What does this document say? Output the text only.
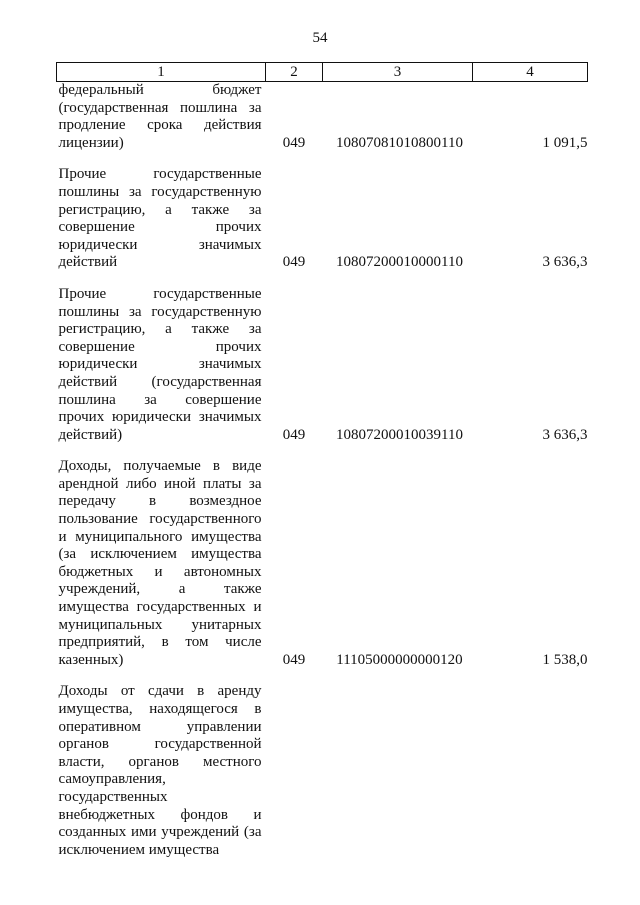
54
1	2	3	4
федеральный бюджет (государственная пошлина за продление срока действия лицензии)	049	10807081010800110	1 091,5
Прочие государственные пошлины за государственную регистрацию, а также за совершение прочих юридически значимых действий	049	10807200010000110	3 636,3
Прочие государственные пошлины за государственную регистрацию, а также за совершение прочих юридически значимых действий (государственная пошлина за совершение прочих юридически значимых действий)	049	10807200010039110	3 636,3
Доходы, получаемые в виде арендной либо иной платы за передачу в возмездное пользование государственного и муниципального имущества (за исключением имущества бюджетных и автономных учреждений, а также имущества государственных и муниципальных унитарных предприятий, в том числе казенных)	049	11105000000000120	1 538,0
Доходы от сдачи в аренду имущества, находящегося в оперативном управлении органов государственной власти, органов местного самоуправления, государственных внебюджетных фондов и созданных ими учреждений (за исключением имущества			
